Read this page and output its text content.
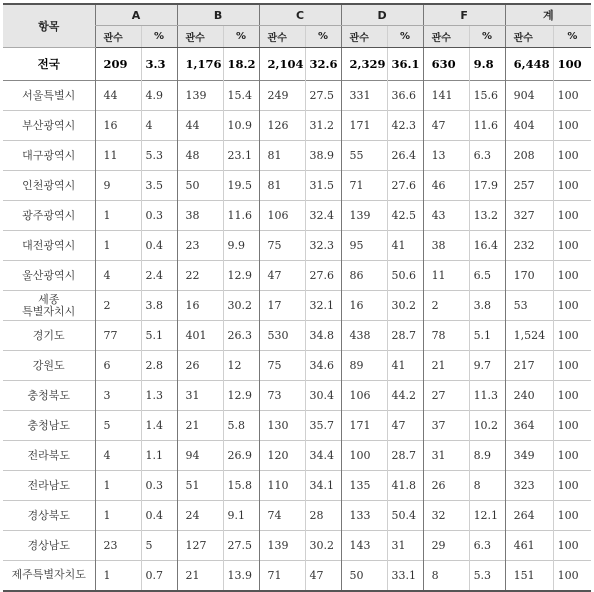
항목	A		B		C		D		F		계	
	관수	%	관수	%	관수	%	관수	%	관수	%	관수	%
전국	209	3.3	1,176	18.2	2,104	32.6	2,329	36.1	630	9.8	6,448	100
서울특별시	44	4.9	139	15.4	249	27.5	331	36.6	141	15.6	904	100
부산광역시	16	4	44	10.9	126	31.2	171	42.3	47	11.6	404	100
대구광역시	11	5.3	48	23.1	81	38.9	55	26.4	13	6.3	208	100
인천광역시	9	3.5	50	19.5	81	31.5	71	27.6	46	17.9	257	100
광주광역시	1	0.3	38	11.6	106	32.4	139	42.5	43	13.2	327	100
대전광역시	1	0.4	23	9.9	75	32.3	95	41	38	16.4	232	100
울산광역시	4	2.4	22	12.9	47	27.6	86	50.6	11	6.5	170	100
세종
특별자치시	2	3.8	16	30.2	17	32.1	16	30.2	2	3.8	53	100
경기도	77	5.1	401	26.3	530	34.8	438	28.7	78	5.1	1,524	100
강원도	6	2.8	26	12	75	34.6	89	41	21	9.7	217	100
충청북도	3	1.3	31	12.9	73	30.4	106	44.2	27	11.3	240	100
충청남도	5	1.4	21	5.8	130	35.7	171	47	37	10.2	364	100
전라북도	4	1.1	94	26.9	120	34.4	100	28.7	31	8.9	349	100
전라남도	1	0.3	51	15.8	110	34.1	135	41.8	26	8	323	100
경상북도	1	0.4	24	9.1	74	28	133	50.4	32	12.1	264	100
경상남도	23	5	127	27.5	139	30.2	143	31	29	6.3	461	100
제주특별자치도	1	0.7	21	13.9	71	47	50	33.1	8	5.3	151	100
